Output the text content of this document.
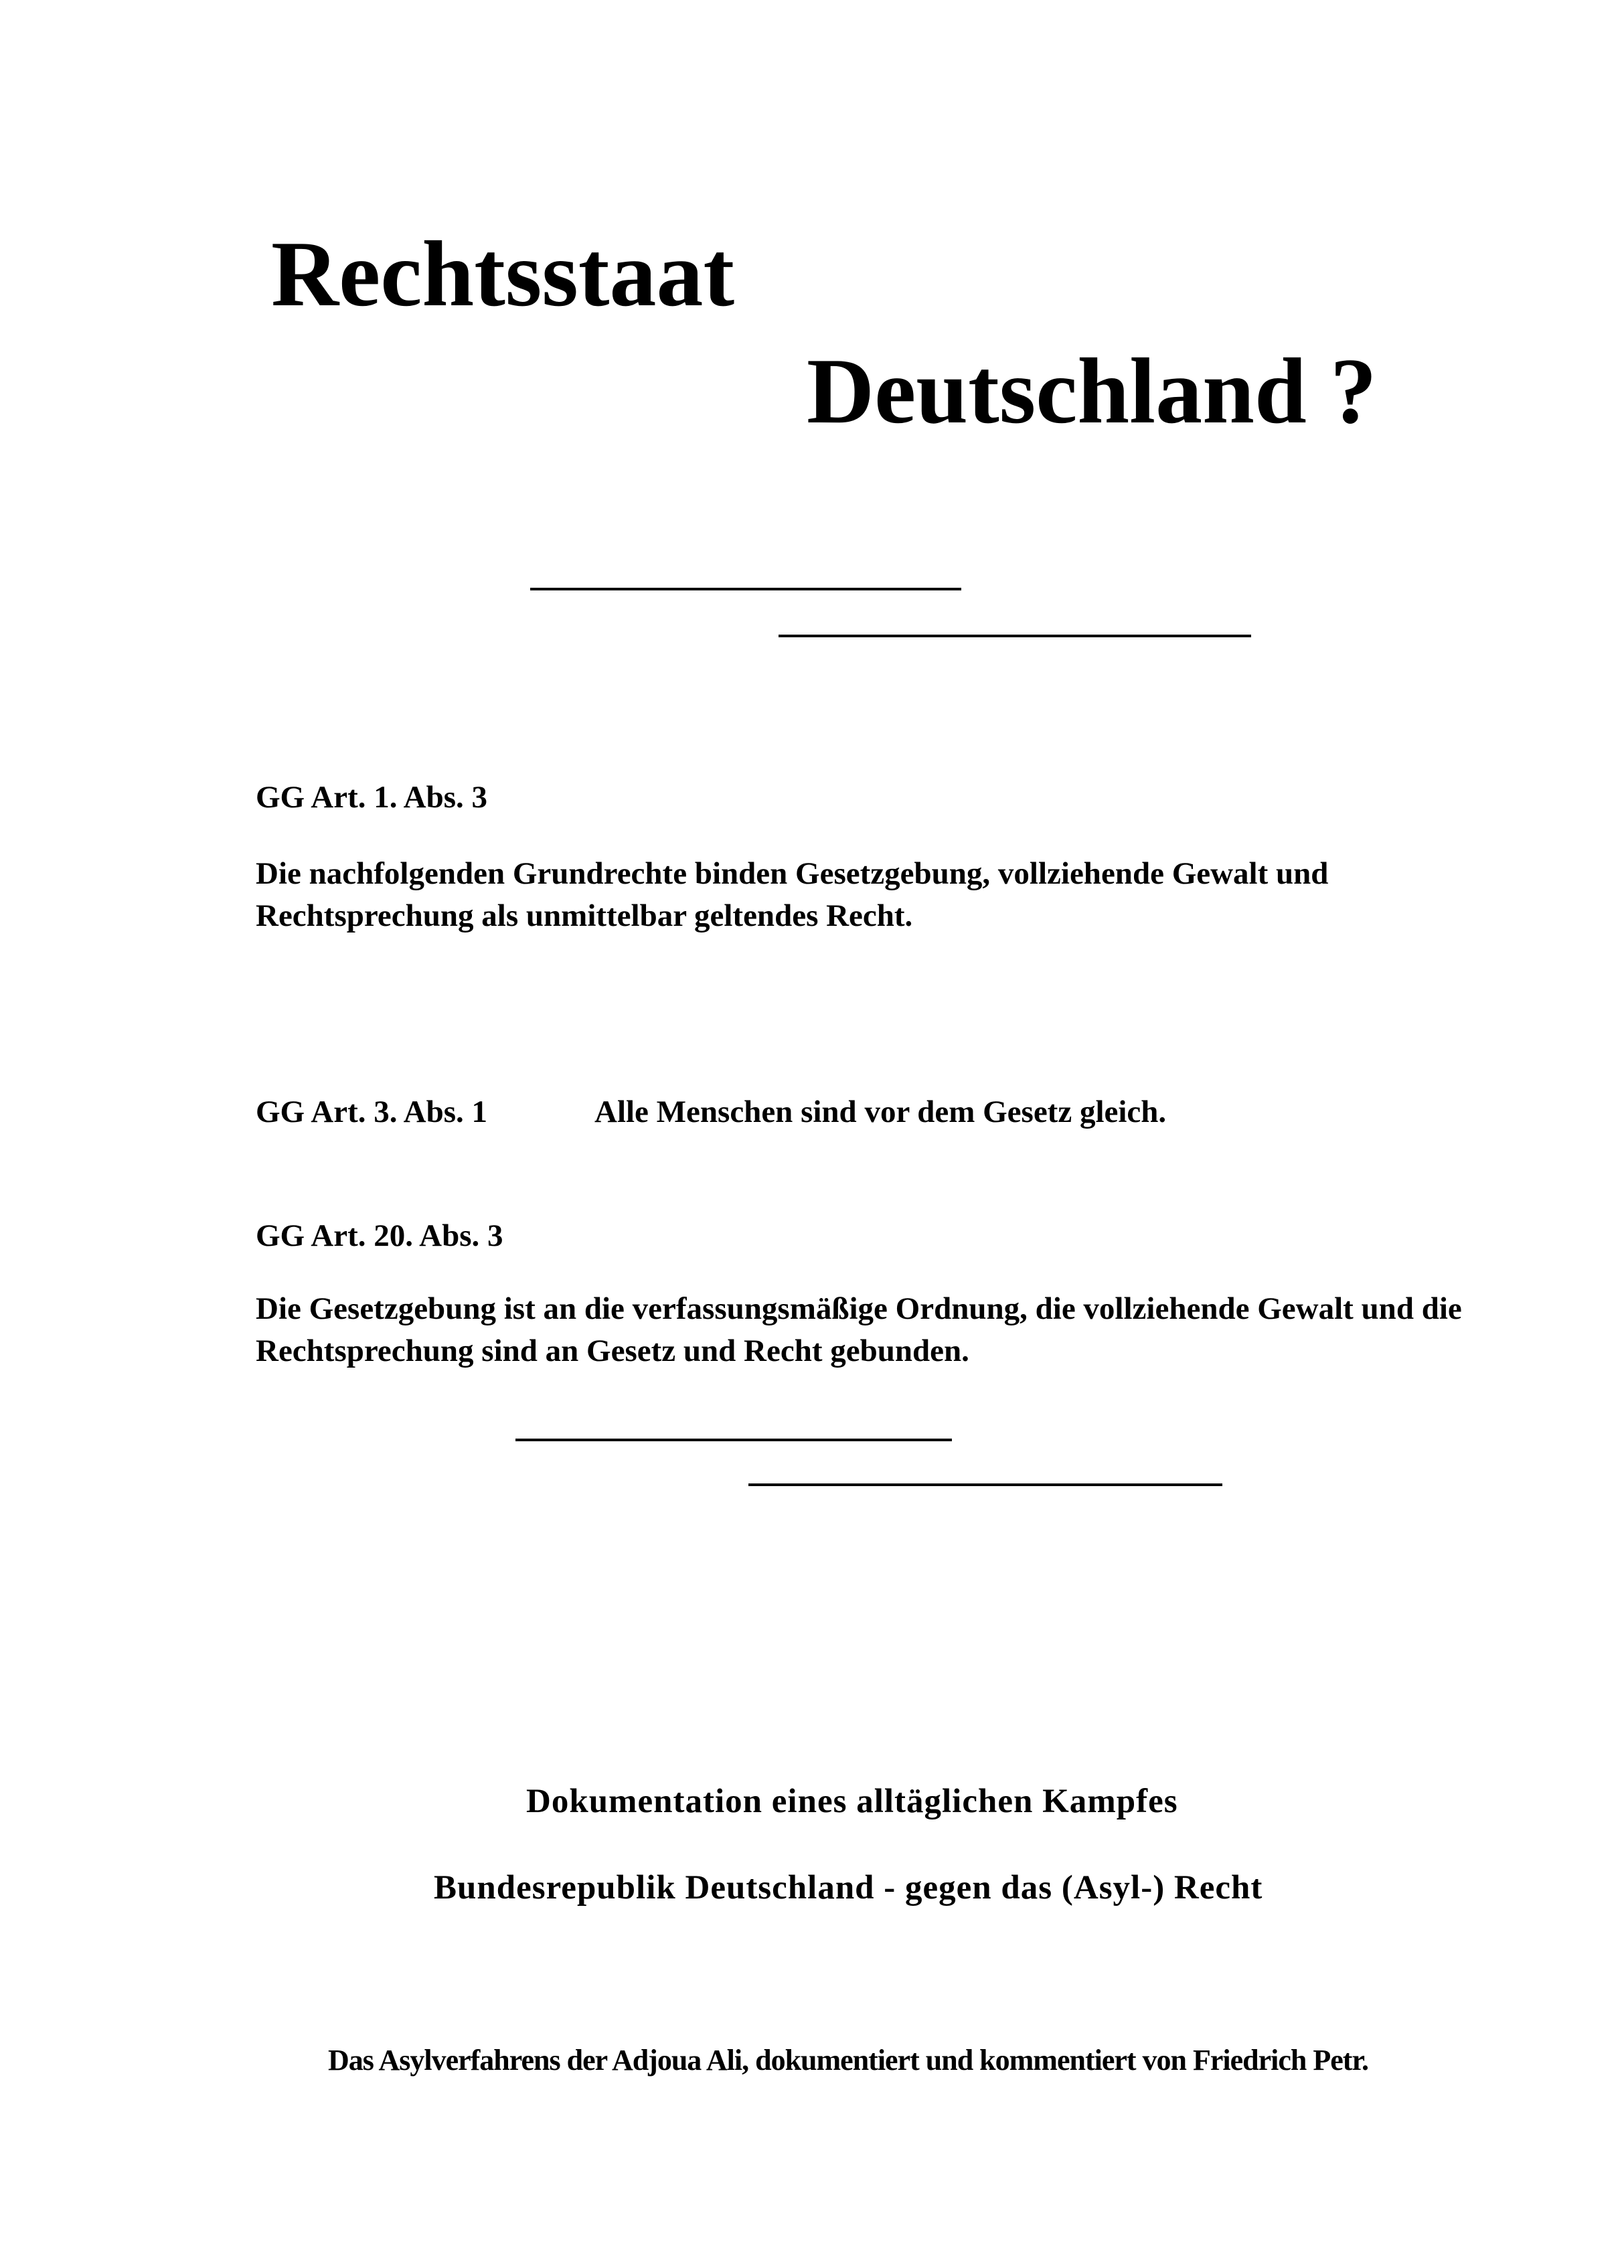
Rechtsstaat
Deutschland ?
GG Art. 1. Abs. 3
Die nachfolgenden Grundrechte binden Gesetzgebung, vollziehende Gewalt und
Rechtsprechung als unmittelbar geltendes Recht.
GG Art. 3. Abs. 1	Alle Menschen sind vor dem Gesetz gleich.
GG Art. 20. Abs. 3
Die Gesetzgebung ist an die verfassungsmäßige Ordnung, die vollziehende Gewalt und die
Rechtsprechung sind an Gesetz und Recht gebunden.
Dokumentation eines alltäglichen Kampfes
Bundesrepublik Deutschland - gegen das (Asyl-) Recht
Das Asylverfahrens der Adjoua Ali, dokumentiert und kommentiert von Friedrich Petr.
